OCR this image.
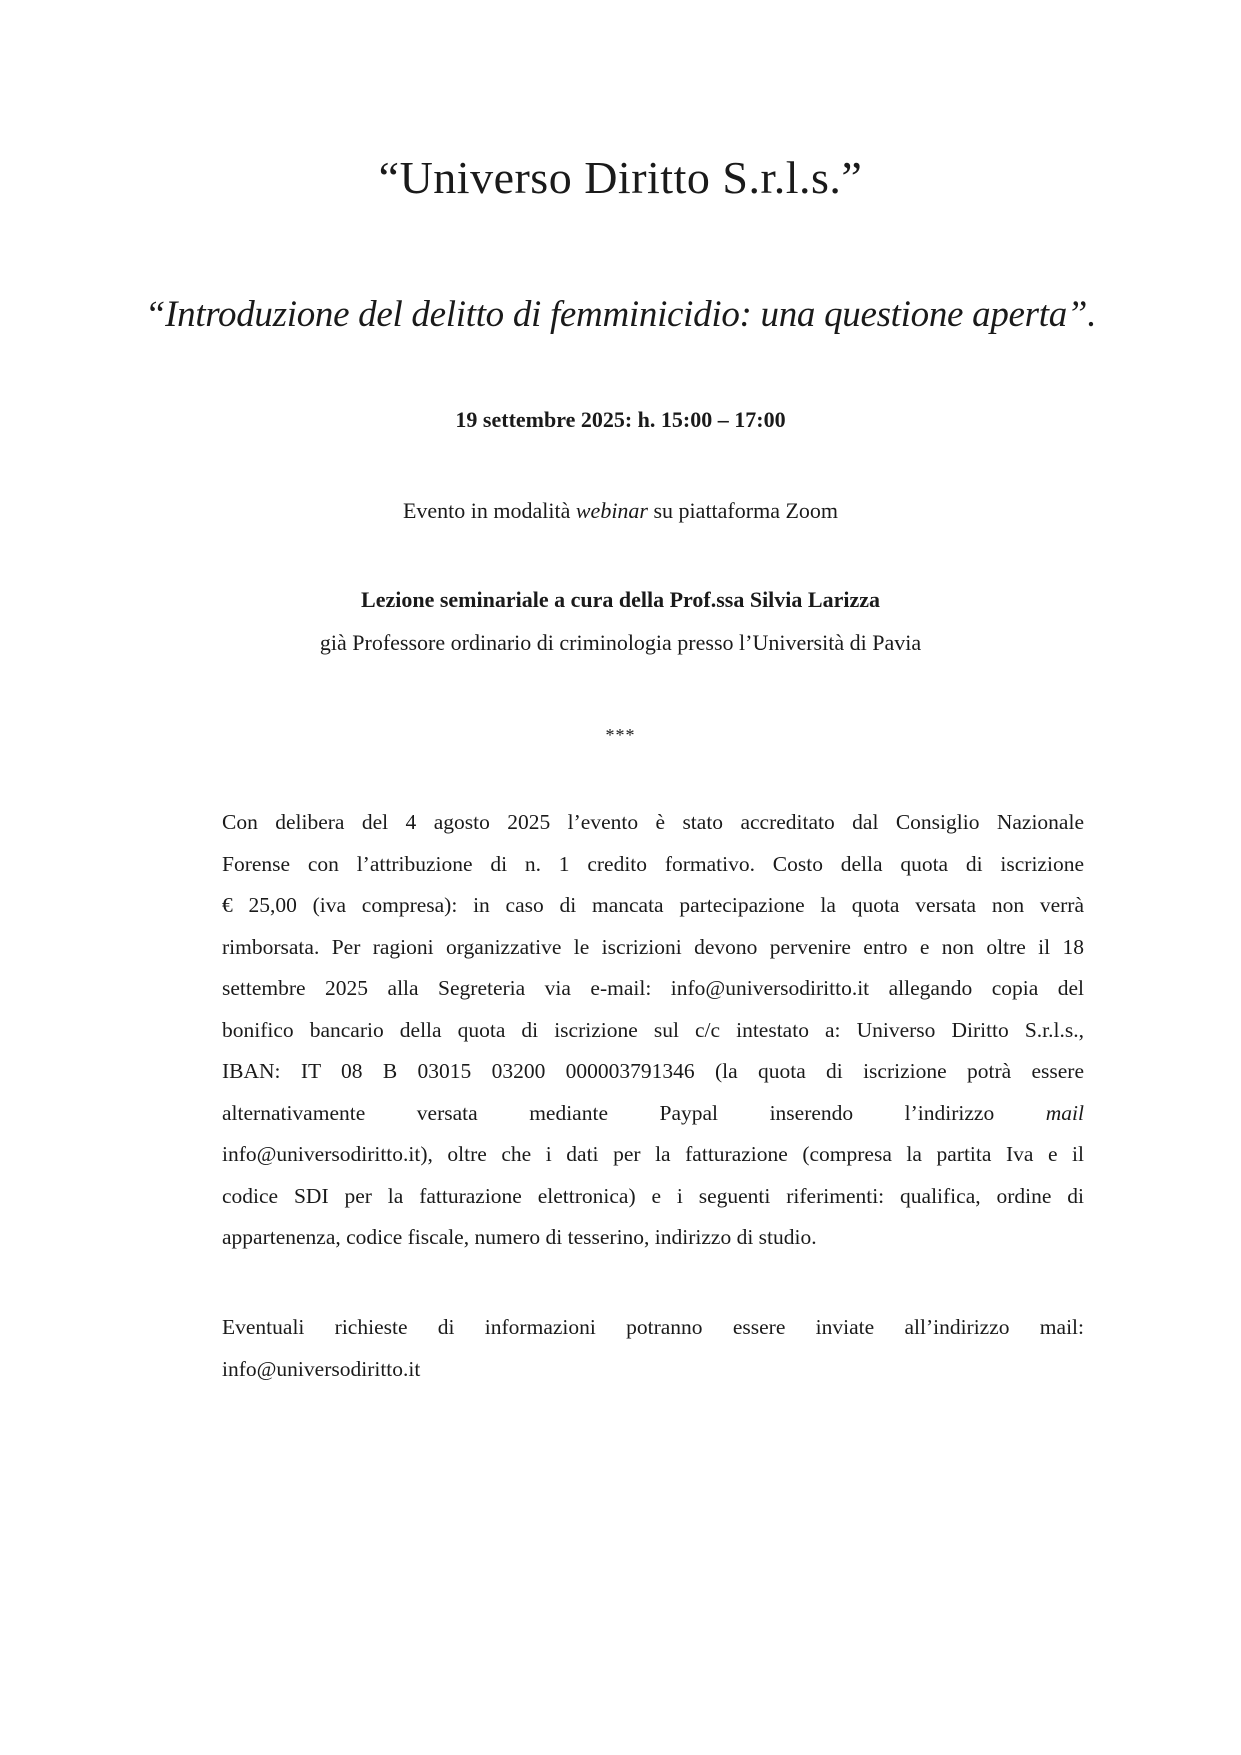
“Universo Diritto S.r.l.s.”
“Introduzione del delitto di femminicidio: una questione aperta”.
19 settembre 2025: h. 15:00 – 17:00
Evento in modalità webinar su piattaforma Zoom
Lezione seminariale a cura della Prof.ssa Silvia Larizza
già Professore ordinario di criminologia presso l’Università di Pavia
***
Con delibera del 4 agosto 2025 l’evento è stato accreditato dal Consiglio Nazionale
Forense con l’attribuzione di n. 1 credito formativo. Costo della quota di iscrizione
€ 25,00 (iva compresa): in caso di mancata partecipazione la quota versata non verrà
rimborsata. Per ragioni organizzative le iscrizioni devono pervenire entro e non oltre il 18
settembre 2025 alla Segreteria via e-mail: info@universodiritto.it allegando copia del
bonifico bancario della quota di iscrizione sul c/c intestato a: Universo Diritto S.r.l.s.,
IBAN: IT 08 B 03015 03200 000003791346 (la quota di iscrizione potrà essere
alternativamente versata mediante Paypal inserendo l’indirizzo mail
info@universodiritto.it), oltre che i dati per la fatturazione (compresa la partita Iva e il
codice SDI per la fatturazione elettronica) e i seguenti riferimenti: qualifica, ordine di
appartenenza, codice fiscale, numero di tesserino, indirizzo di studio.
Eventuali richieste di informazioni potranno essere inviate all’indirizzo mail:
info@universodiritto.it
